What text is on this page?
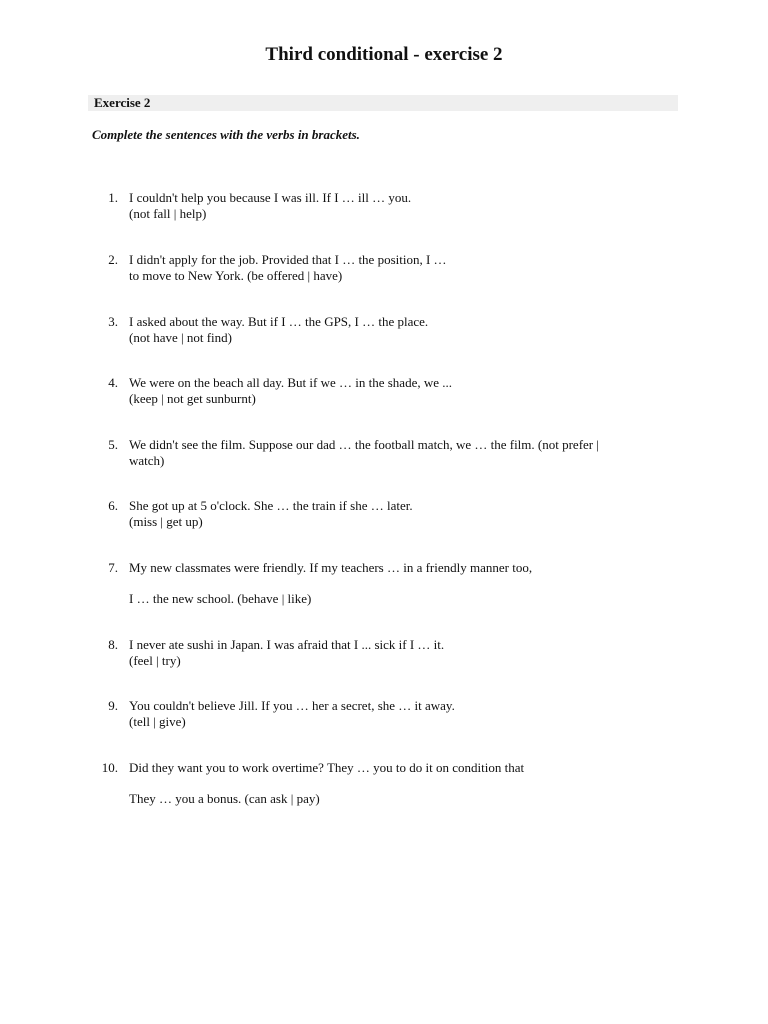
Third conditional - exercise 2
Exercise 2
Complete the sentences with the verbs in brackets.
1. I couldn't help you because I was ill. If I … ill … you.
(not fall | help)
2. I didn't apply for the job. Provided that I … the position, I …
to move to New York. (be offered | have)
3. I asked about the way. But if I … the GPS, I … the place.
(not have | not find)
4. We were on the beach all day. But if we … in the shade, we ...
(keep | not get sunburnt)
5. We didn't see the film. Suppose our dad … the football match, we … the film. (not prefer |
watch)
6. She got up at 5 o'clock. She … the train if she … later.
(miss | get up)
7. My new classmates were friendly. If my teachers … in a friendly manner too,
I … the new school. (behave | like)
8. I never ate sushi in Japan. I was afraid that I ... sick if I … it.
(feel | try)
9. You couldn't believe Jill. If you … her a secret, she … it away.
(tell | give)
10. Did they want you to work overtime? They … you to do it on condition that
They … you a bonus. (can ask | pay)
